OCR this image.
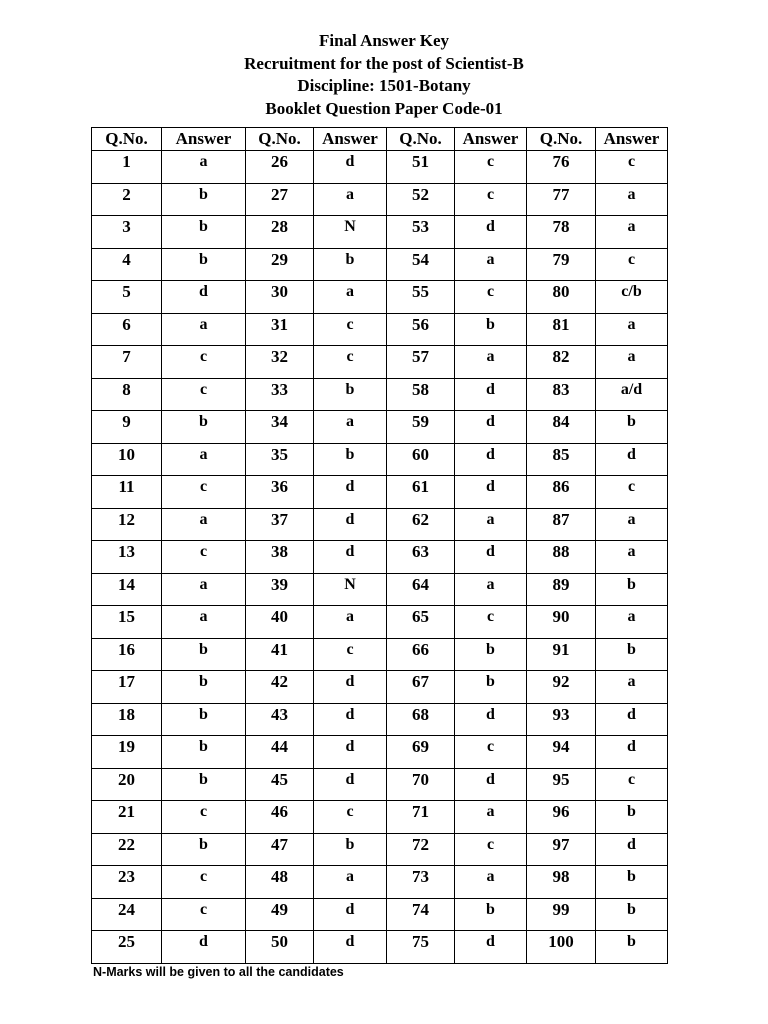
Final Answer Key
Recruitment for the post of Scientist-B
Discipline: 1501-Botany
Booklet Question Paper Code-01
Q.No.	Answer	Q.No.	Answer	Q.No.	Answer	Q.No.	Answer
1	a	26	d	51	c	76	c
2	b	27	a	52	c	77	a
3	b	28	N	53	d	78	a
4	b	29	b	54	a	79	c
5	d	30	a	55	c	80	c/b
6	a	31	c	56	b	81	a
7	c	32	c	57	a	82	a
8	c	33	b	58	d	83	a/d
9	b	34	a	59	d	84	b
10	a	35	b	60	d	85	d
11	c	36	d	61	d	86	c
12	a	37	d	62	a	87	a
13	c	38	d	63	d	88	a
14	a	39	N	64	a	89	b
15	a	40	a	65	c	90	a
16	b	41	c	66	b	91	b
17	b	42	d	67	b	92	a
18	b	43	d	68	d	93	d
19	b	44	d	69	c	94	d
20	b	45	d	70	d	95	c
21	c	46	c	71	a	96	b
22	b	47	b	72	c	97	d
23	c	48	a	73	a	98	b
24	c	49	d	74	b	99	b
25	d	50	d	75	d	100	b
N-Marks will be given to all the candidates
